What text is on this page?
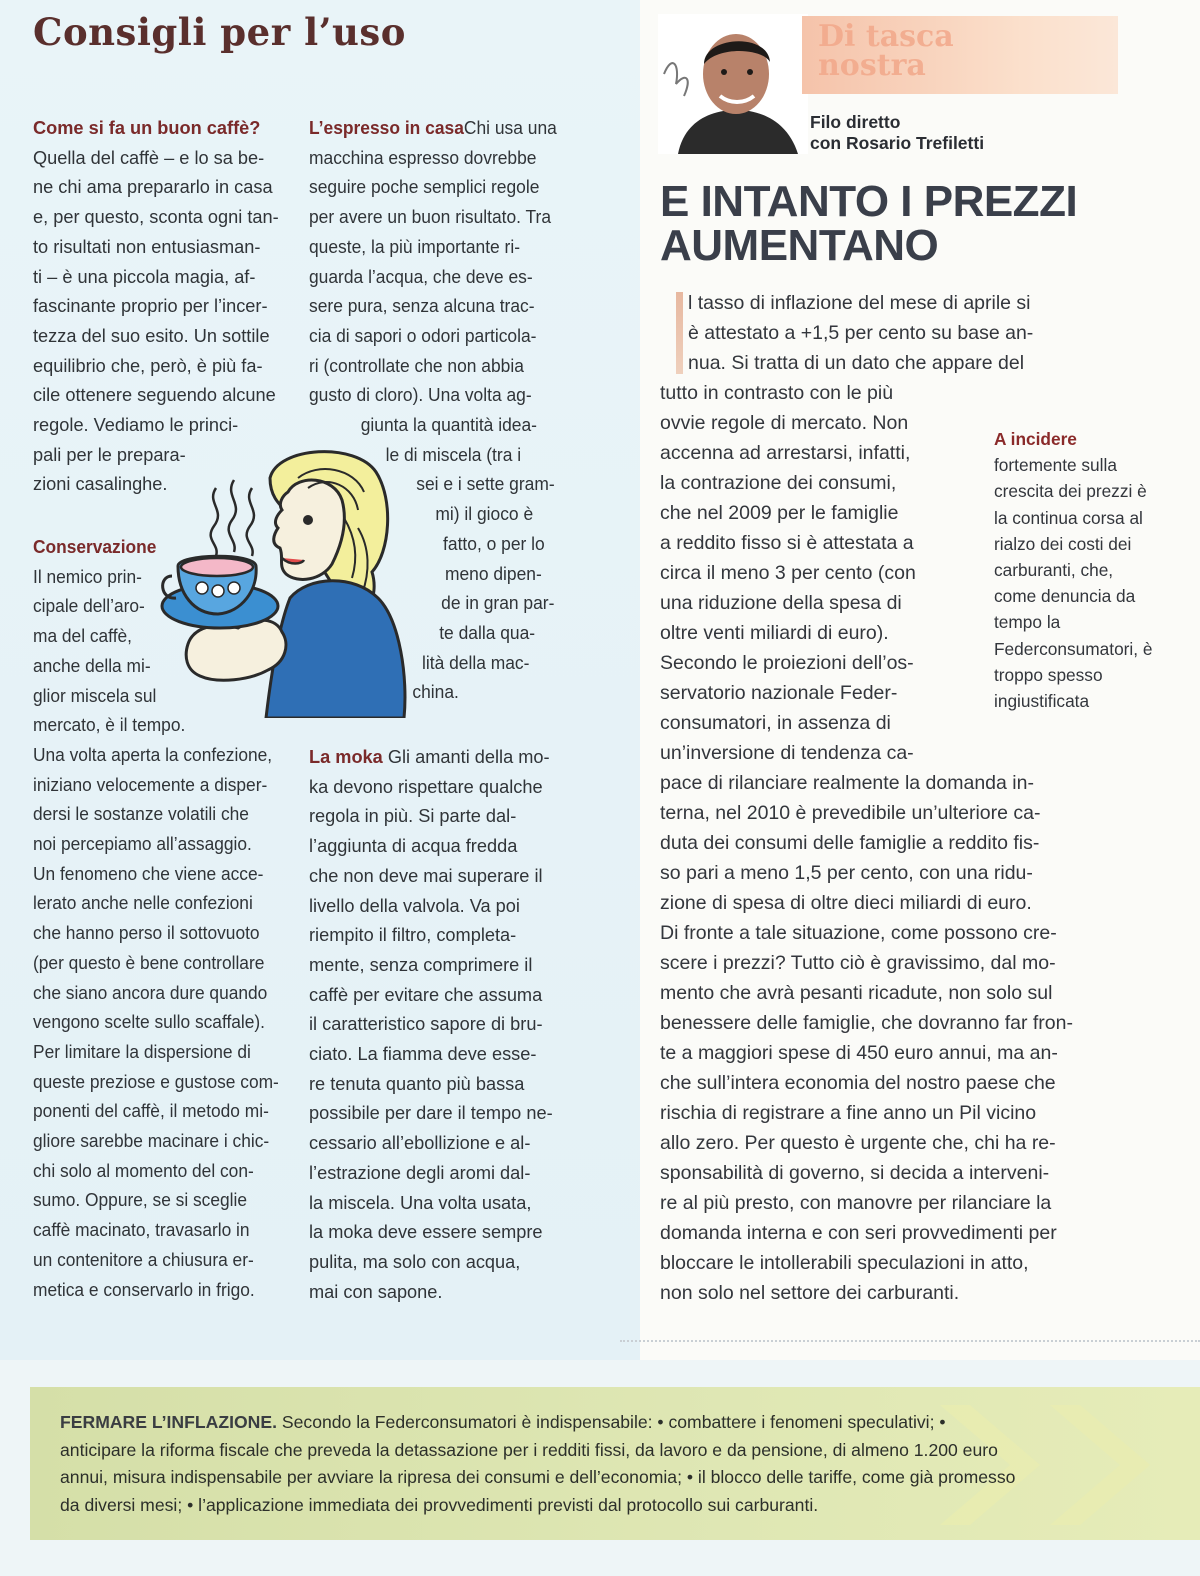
Consigli per l’uso
Come si fa un buon caffè?
Quella del caffè – e lo sa be-
ne chi ama prepararlo in casa
e, per questo, sconta ogni tan-
to risultati non entusiasman-
ti – è una piccola magia, af-
fascinante proprio per l’incer-
tezza del suo esito. Un sottile
equilibrio che, però, è più fa-
cile ottenere seguendo alcune
regole. Vediamo le princi-
pali per le prepara-
zioni casalinghe.
Conservazione
Il nemico prin-
cipale dell’aro-
ma del caffè,
anche della mi-
glior miscela sul
mercato, è il tempo.
Una volta aperta la confezione,
iniziano velocemente a disper-
dersi le sostanze volatili che
noi percepiamo all’assaggio.
Un fenomeno che viene acce-
lerato anche nelle confezioni
che hanno perso il sottovuoto
(per questo è bene controllare
che siano ancora dure quando
vengono scelte sullo scaffale).
Per limitare la dispersione di
queste preziose e gustose com-
ponenti del caffè, il metodo mi-
gliore sarebbe macinare i chic-
chi solo al momento del con-
sumo. Oppure, se si sceglie
caffè macinato, travasarlo in
un contenitore a chiusura er-
metica e conservarlo in frigo.
L’espresso in casaChi usa una
macchina espresso dovrebbe
seguire poche semplici regole
per avere un buon risultato. Tra
queste, la più importante ri-
guarda l’acqua, che deve es-
sere pura, senza alcuna trac-
cia di sapori o odori particola-
ri (controllate che non abbia
gusto di cloro). Una volta ag-
giunta la quantità idea-
le di miscela (tra i
sei e i sette gram-
mi) il gioco è
fatto, o per lo
meno dipen-
de in gran par-
te dalla qua-
lità della mac-
china.
La moka Gli amanti della mo-
ka devono rispettare qualche
regola in più. Si parte dal-
l’aggiunta di acqua fredda
che non deve mai superare il
livello della valvola. Va poi
riempito il filtro, completa-
mente, senza comprimere il
caffè per evitare che assuma
il caratteristico sapore di bru-
ciato. La fiamma deve esse-
re tenuta quanto più bassa
possibile per dare il tempo ne-
cessario all’ebollizione e al-
l’estrazione degli aromi dal-
la miscela. Una volta usata,
la moka deve essere sempre
pulita, ma solo con acqua,
mai con sapone.
Di tasca
nostra
Filo diretto
con Rosario Trefiletti
E INTANTO I PREZZI
AUMENTANO
l tasso di inflazione del mese di aprile si
è attestato a +1,5 per cento su base an-
nua. Si tratta di un dato che appare del
tutto in contrasto con le più
ovvie regole di mercato. Non
accenna ad arrestarsi, infatti,
la contrazione dei consumi,
che nel 2009 per le famiglie
a reddito fisso si è attestata a
circa il meno 3 per cento (con
una riduzione della spesa di
oltre venti miliardi di euro).
Secondo le proiezioni dell’os-
servatorio nazionale Feder-
consumatori, in assenza di
un’inversione di tendenza ca-
pace di rilanciare realmente la domanda in-
terna, nel 2010 è prevedibile un’ulteriore ca-
duta dei consumi delle famiglie a reddito fis-
so pari a meno 1,5 per cento, con una ridu-
zione di spesa di oltre dieci miliardi di euro.
Di fronte a tale situazione, come possono cre-
scere i prezzi? Tutto ciò è gravissimo, dal mo-
mento che avrà pesanti ricadute, non solo sul
benessere delle famiglie, che dovranno far fron-
te a maggiori spese di 450 euro annui, ma an-
che sull’intera economia del nostro paese che
rischia di registrare a fine anno un Pil vicino
allo zero. Per questo è urgente che, chi ha re-
sponsabilità di governo, si decida a interveni-
re al più presto, con manovre per rilanciare la
domanda interna e con seri provvedimenti per
bloccare le intollerabili speculazioni in atto,
non solo nel settore dei carburanti.
A incidere
fortemente sulla
crescita dei prezzi è
la continua corsa al
rialzo dei costi dei
carburanti, che,
come denuncia da
tempo la
Federconsumatori, è
troppo spesso
ingiustificata
FERMARE L’INFLAZIONE. Secondo la Federconsumatori è indispensabile: • combattere i fenomeni speculativi; •
anticipare la riforma fiscale che preveda la detassazione per i redditi fissi, da lavoro e da pensione, di almeno 1.200 euro
annui, misura indispensabile per avviare la ripresa dei consumi e dell’economia; • il blocco delle tariffe, come già promesso
da diversi mesi; • l’applicazione immediata dei provvedimenti previsti dal protocollo sui carburanti.
